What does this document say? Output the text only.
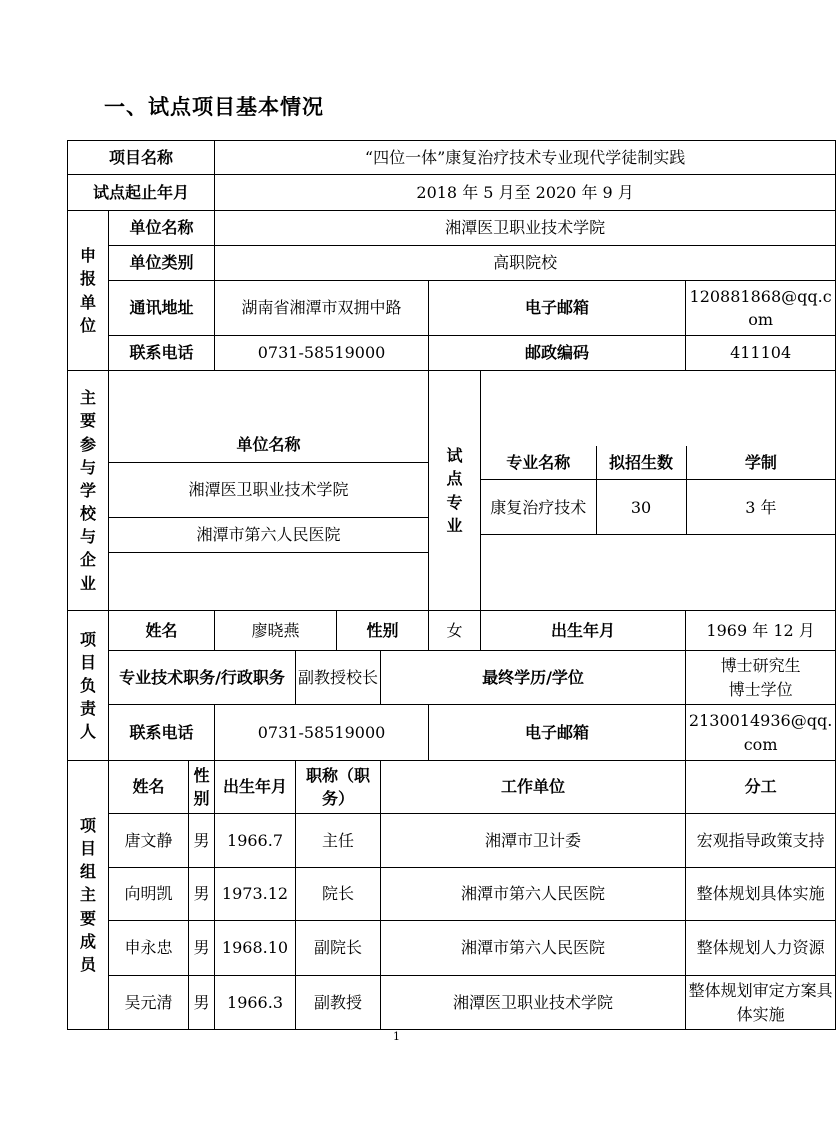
一、试点项目基本情况
项目名称	“四位一体”康复治疗技术专业现代学徒制实践
试点起止年月	2018 年 5 月至 2020 年 9 月

申
报
单
位
	单位名称	湘潭医卫职业技术学院
单位类别	高职院校
通讯地址	湖南省湘潭市双拥中路	电子邮箱	120881868@qq.com
联系电话	0731-58519000	邮政编码	411104

主
要
参
与
学
校
与
企
业

单位名称
湘潭医卫职业技术学院
湘潭市第六人民医院

试
点
专
业

专业名称	拟招生数	学制
康复治疗技术	30	3 年

项
目
负
责
人
	姓名	廖晓燕	性别	女	出生年月	1969 年 12 月
专业技术职务/行政职务	副教授校长	最终学历/学位	
博士研究生
博士学位

联系电话	0731-58519000	电子邮箱	2130014936@qq.com

项
目
组
主
要
成
员
	姓名	性别	出生年月	职称（职务）	工作单位	分工
唐文静	男	1966.7	主任	湘潭市卫计委	宏观指导政策支持
向明凯	男	1973.12	院长	湘潭市第六人民医院	整体规划具体实施
申永忠	男	1968.10	副院长	湘潭市第六人民医院	整体规划人力资源
吴元清	男	1966.3	副教授	湘潭医卫职业技术学院	整体规划审定方案具体实施
1
